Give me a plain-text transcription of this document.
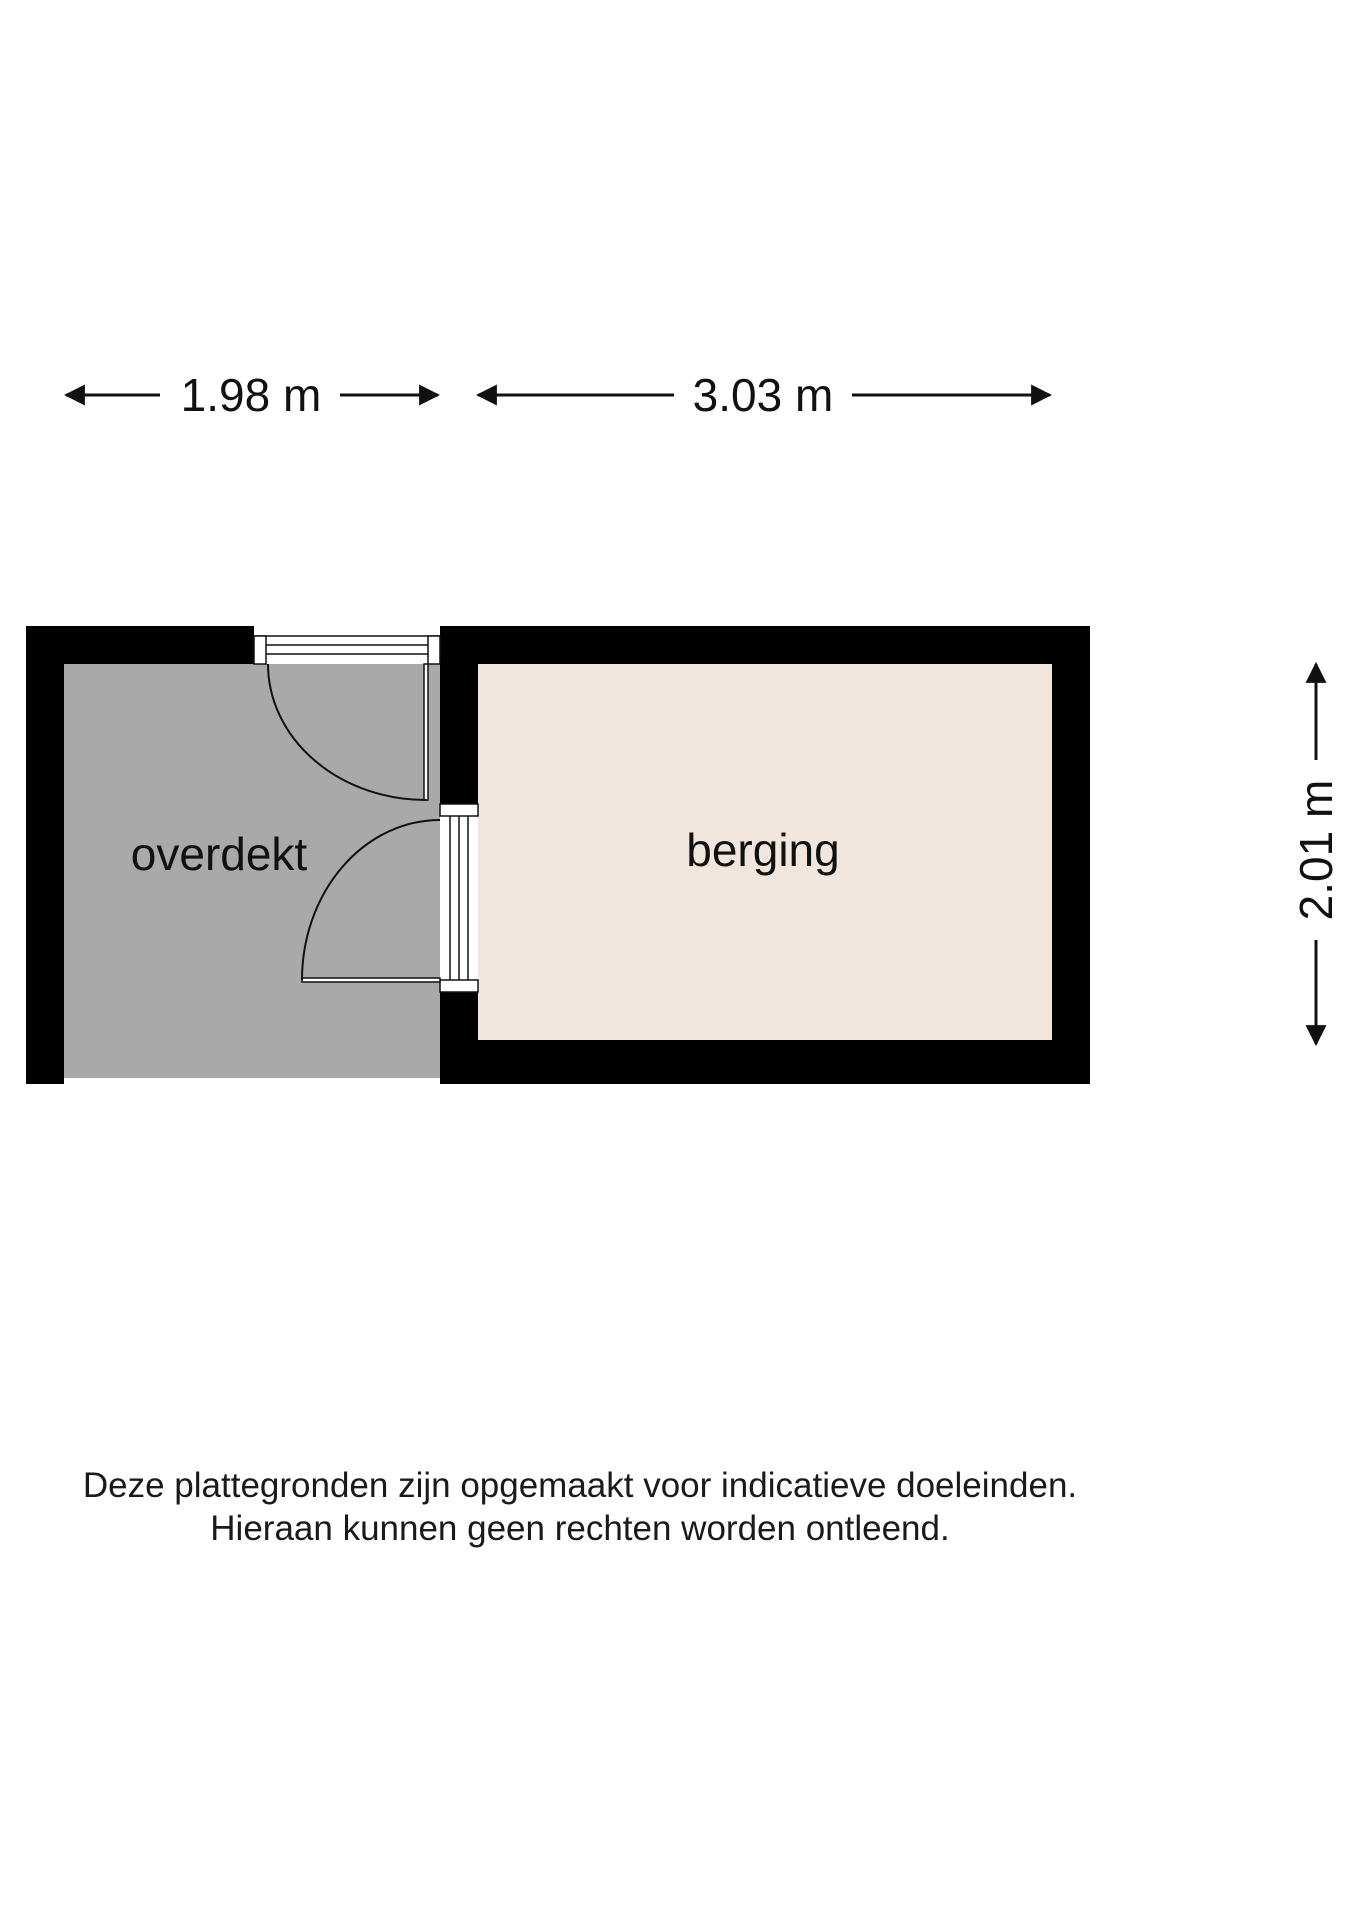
1.98 m	3.03 m
2.01 m
overdekt	berging
Deze plattegronden zijn opgemaakt voor indicatieve doeleinden.
Hieraan kunnen geen rechten worden ontleend.
